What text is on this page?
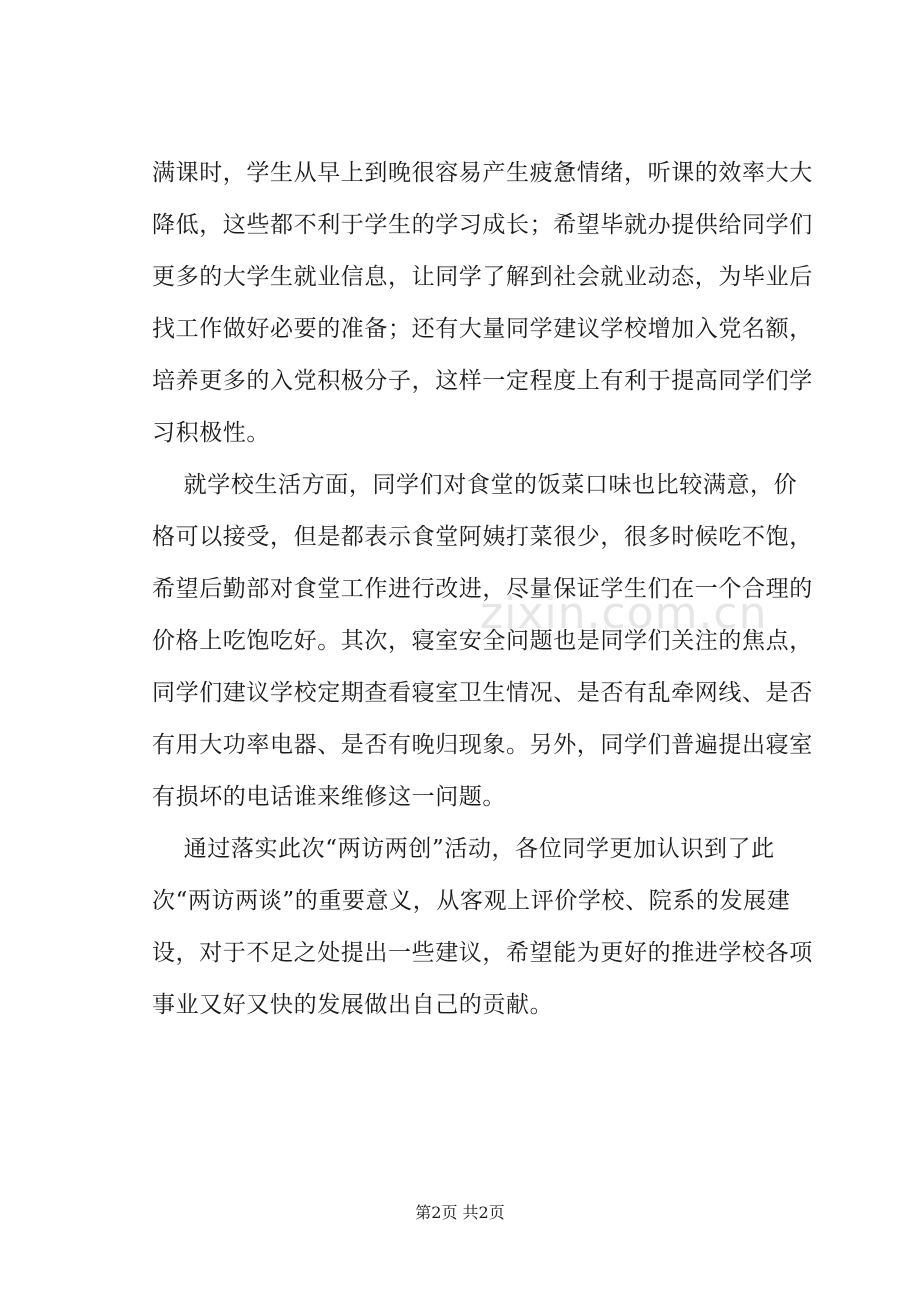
满课时，学生从早上到晚很容易产生疲惫情绪，听课的效率大大
降低，这些都不利于学生的学习成长；希望毕就办提供给同学们
更多的大学生就业信息，让同学了解到社会就业动态，为毕业后
找工作做好必要的准备；还有大量同学建议学校增加入党名额，
培养更多的入党积极分子，这样一定程度上有利于提高同学们学
习积极性。
就学校生活方面，同学们对食堂的饭菜口味也比较满意，价
格可以接受，但是都表示食堂阿姨打菜很少，很多时候吃不饱，
希望后勤部对食堂工作进行改进，尽量保证学生们在一个合理的
价格上吃饱吃好。其次，寝室安全问题也是同学们关注的焦点，
同学们建议学校定期查看寝室卫生情况、是否有乱牵网线、是否
有用大功率电器、是否有晚归现象。另外，同学们普遍提出寝室
有损坏的电话谁来维修这一问题。
通过落实此次“两访两创”活动，各位同学更加认识到了此
次“两访两谈”的重要意义，从客观上评价学校、院系的发展建
设，对于不足之处提出一些建议，希望能为更好的推进学校各项
事业又好又快的发展做出自己的贡献。
zixin.com.cn
第2页 共2页
